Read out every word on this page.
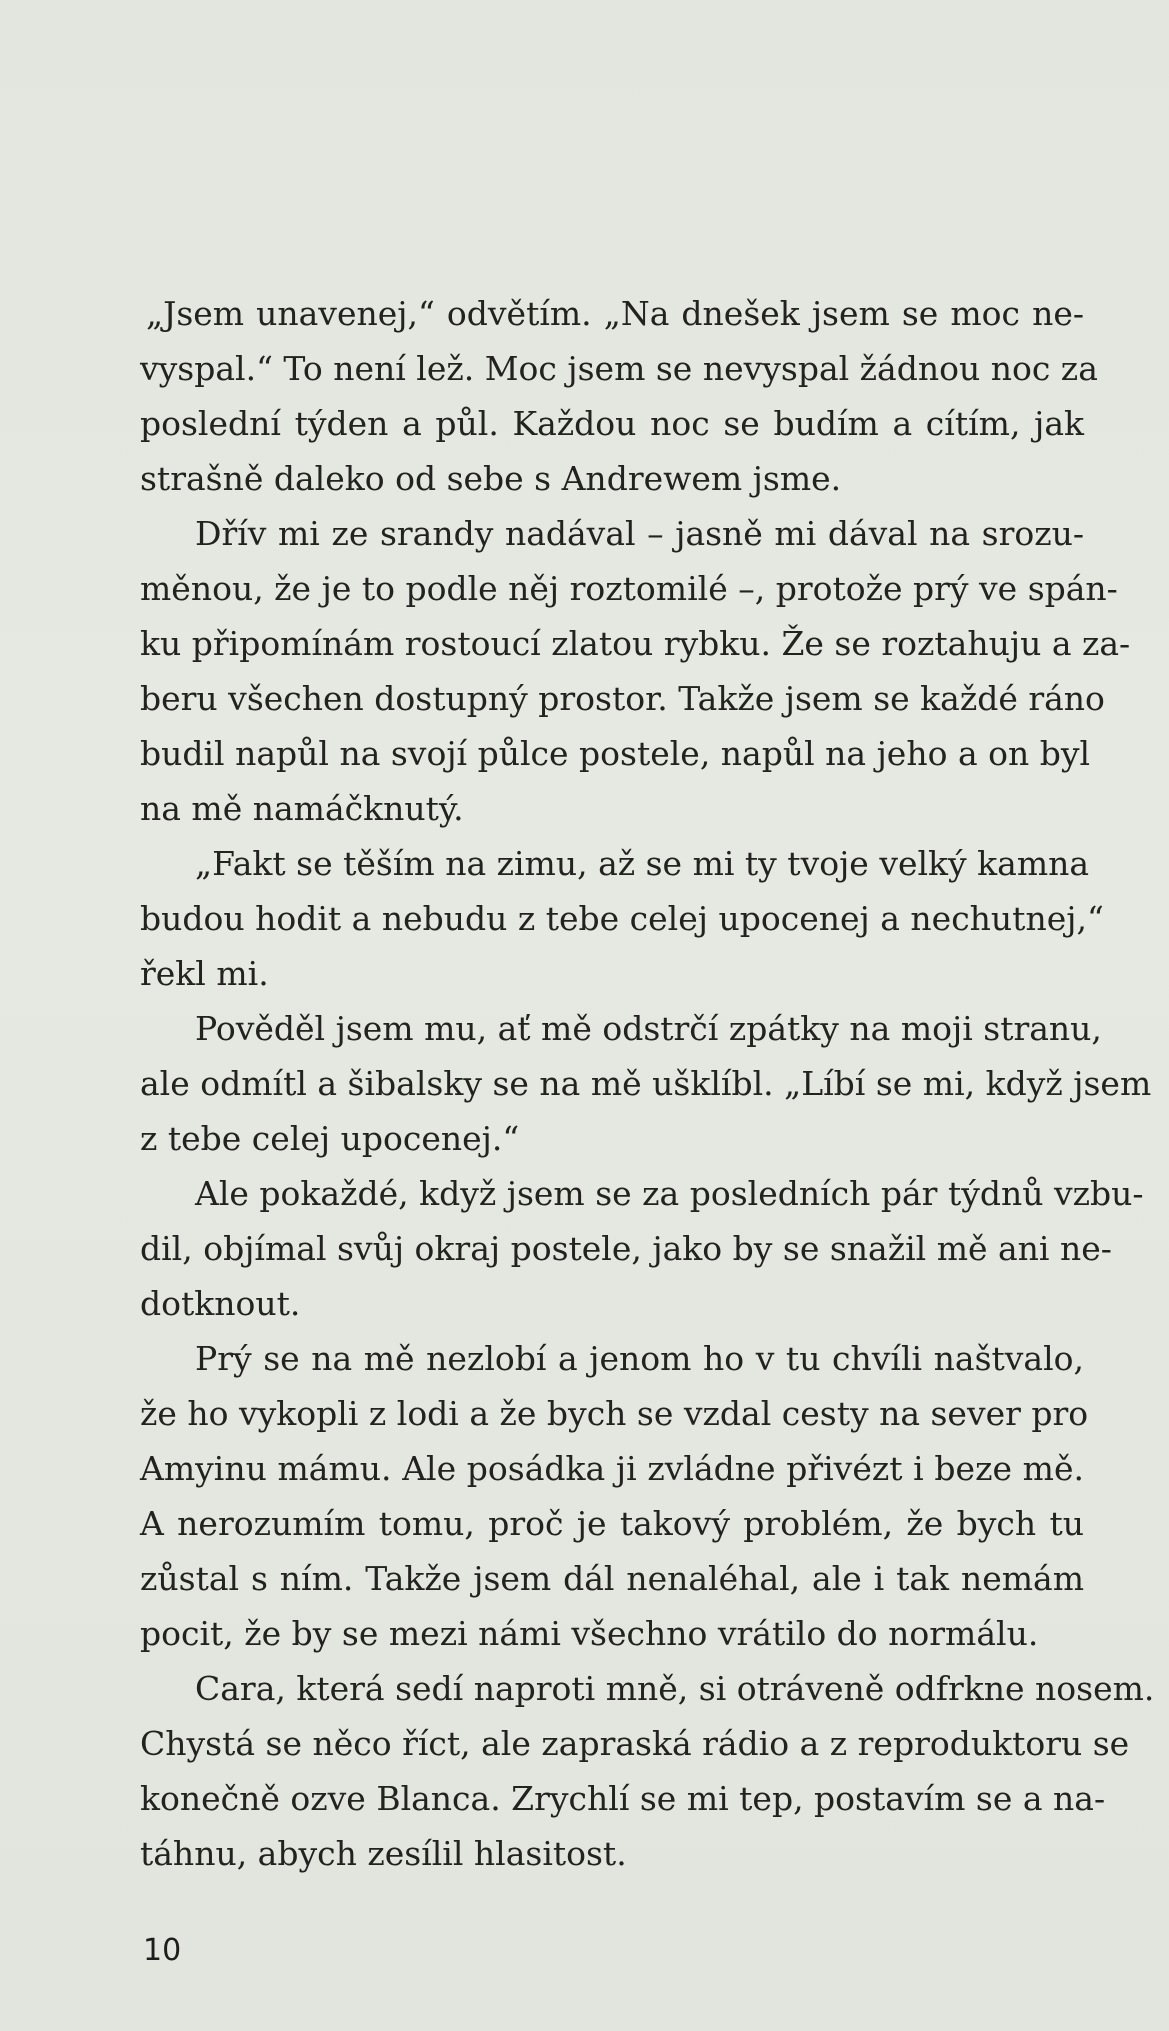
„Jsem unavenej,“ odvětím. „Na dnešek jsem se moc ne-
vyspal.“ To není lež. Moc jsem se nevyspal žádnou noc za
poslední týden a půl. Každou noc se budím a cítím, jak
strašně daleko od sebe s Andrewem jsme.
Dřív mi ze srandy nadával – jasně mi dával na srozu-
měnou, že je to podle něj roztomilé –, protože prý ve spán-
ku připomínám rostoucí zlatou rybku. Že se roztahuju a za-
beru všechen dostupný prostor. Takže jsem se každé ráno
budil napůl na svojí půlce postele, napůl na jeho a on byl
na mě namáčknutý.
„Fakt se těším na zimu, až se mi ty tvoje velký kamna
budou hodit a nebudu z tebe celej upocenej a nechutnej,“
řekl mi.
Pověděl jsem mu, ať mě odstrčí zpátky na moji stranu,
ale odmítl a šibalsky se na mě ušklíbl. „Líbí se mi, když jsem
z tebe celej upocenej.“
Ale pokaždé, když jsem se za posledních pár týdnů vzbu-
dil, objímal svůj okraj postele, jako by se snažil mě ani ne-
dotknout.
Prý se na mě nezlobí a jenom ho v tu chvíli naštvalo,
že ho vykopli z lodi a že bych se vzdal cesty na sever pro
Amyinu mámu. Ale posádka ji zvládne přivézt i beze mě.
A nerozumím tomu, proč je takový problém, že bych tu
zůstal s ním. Takže jsem dál nenaléhal, ale i tak nemám
pocit, že by se mezi námi všechno vrátilo do normálu.
Cara, která sedí naproti mně, si otráveně odfrkne nosem.
Chystá se něco říct, ale zapraská rádio a z reproduktoru se
konečně ozve Blanca. Zrychlí se mi tep, postavím se a na-
táhnu, abych zesílil hlasitost.
10
